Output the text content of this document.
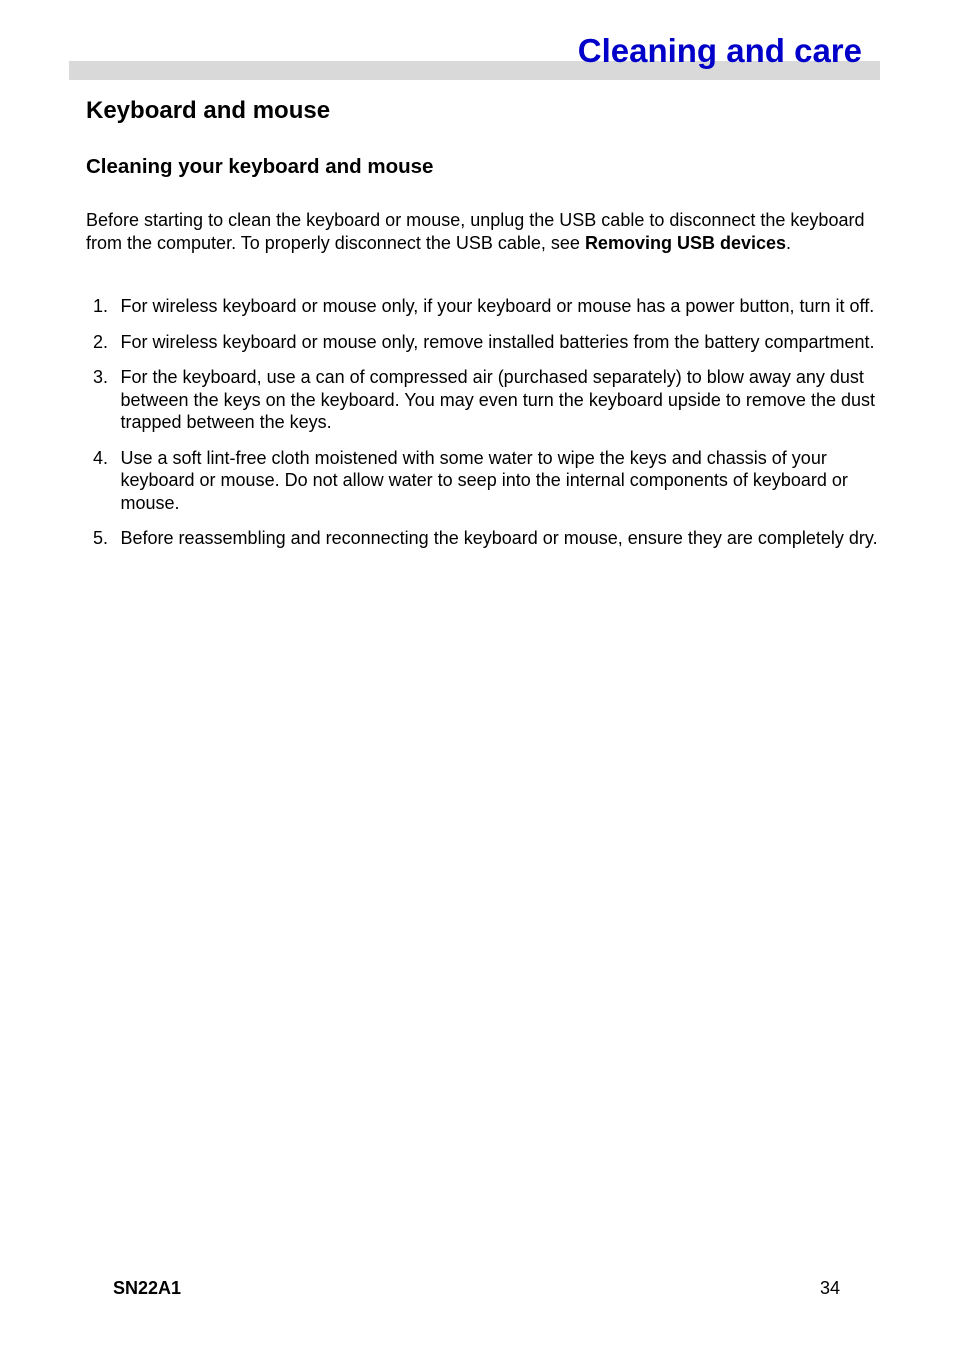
Cleaning and care
Keyboard and mouse
Cleaning your keyboard and mouse

Before starting to clean the keyboard or mouse, unplug the USB cable to disconnect the keyboard from the computer. To properly disconnect the USB cable, see Removing USB devices.

1. For wireless keyboard or mouse only, if your keyboard or mouse has a power button, turn it off.
2. For wireless keyboard or mouse only, remove installed batteries from the battery compartment.
3. For the keyboard, use a can of compressed air (purchased separately) to blow away any dust between the keys on the keyboard. You may even turn the keyboard upside to remove the dust trapped between the keys.
4. Use a soft lint-free cloth moistened with some water to wipe the keys and chassis of your keyboard or mouse. Do not allow water to seep into the internal components of keyboard or mouse.
5. Before reassembling and reconnecting the keyboard or mouse, ensure they are completely dry.
SN22A1	34
